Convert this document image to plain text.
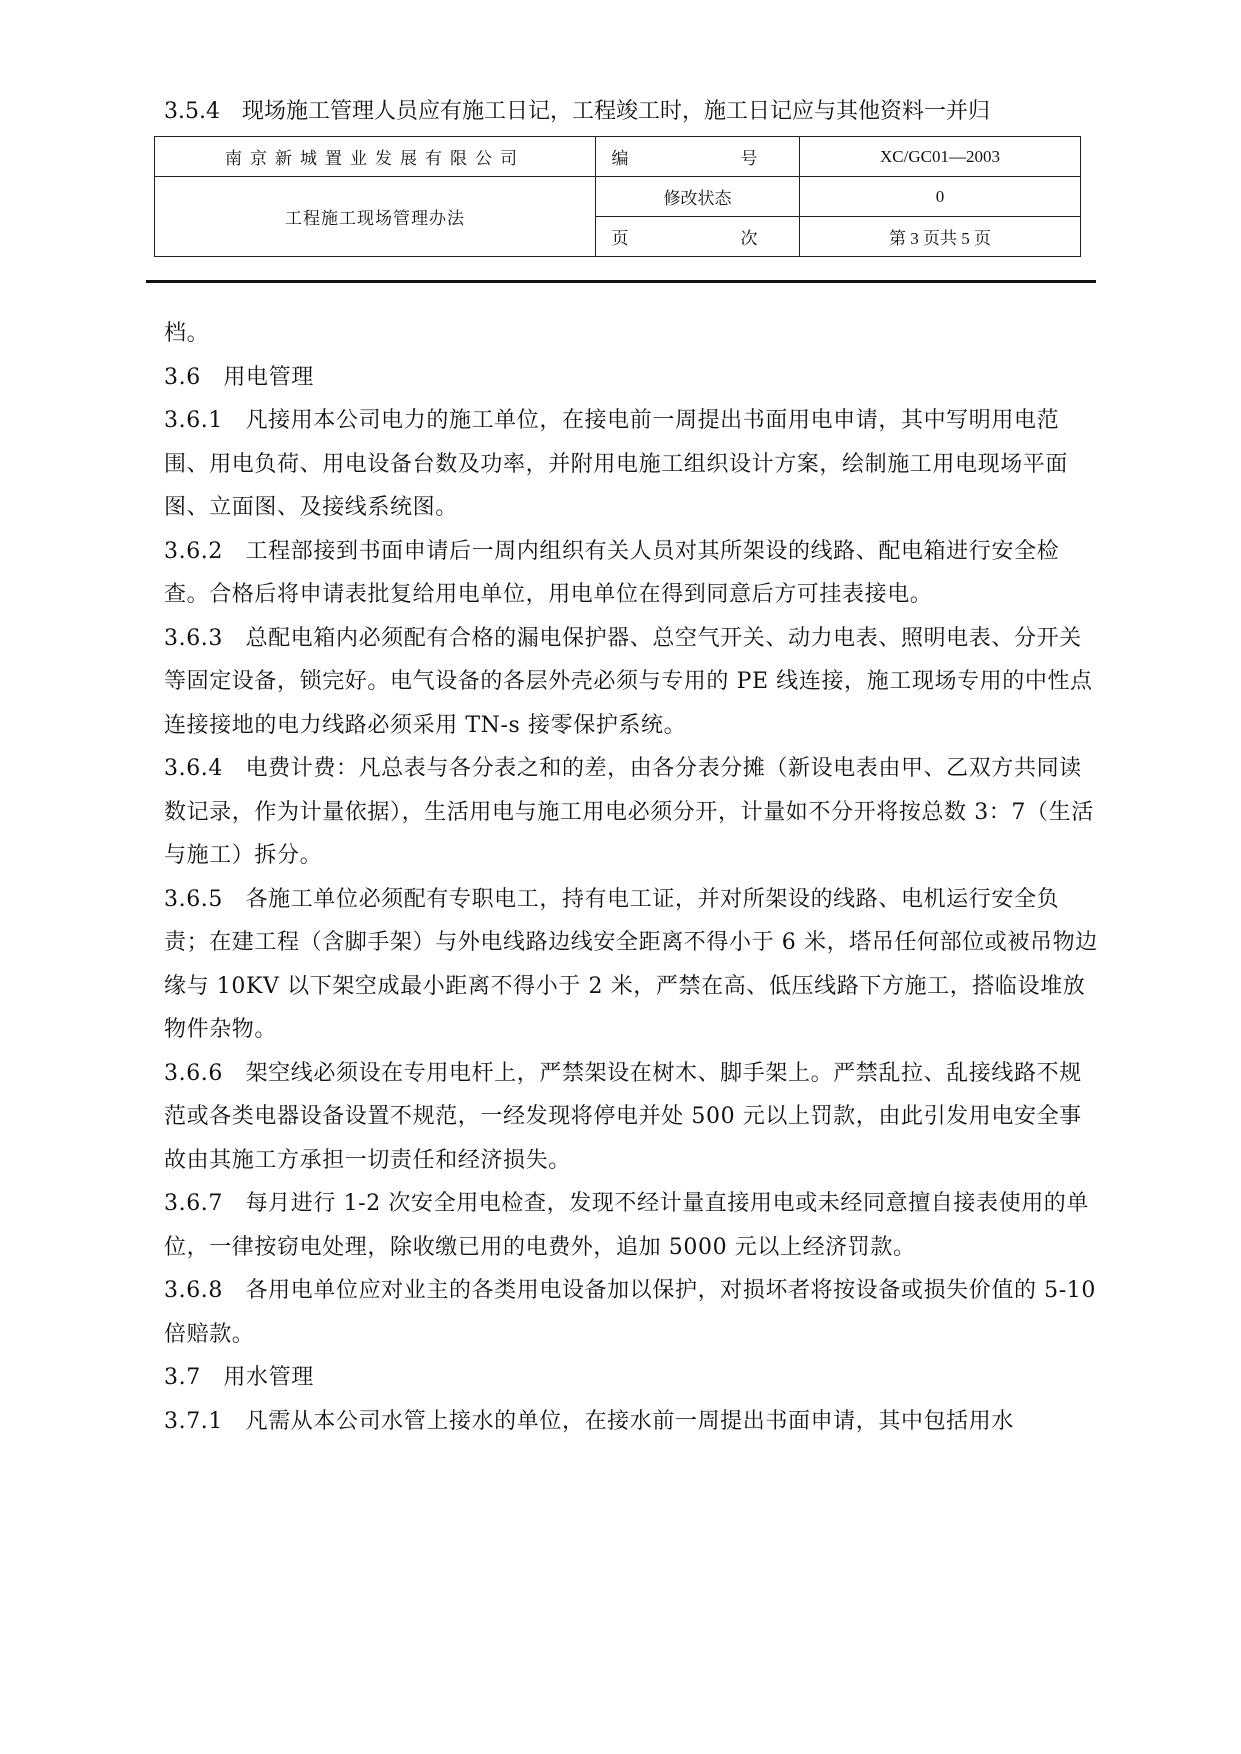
3.5.4　现场施工管理人员应有施工日记，工程竣工时，施工日记应与其他资料一并归
南京新城置业发展有限公司	编　　号	XC/GC01—2003
工程施工现场管理办法	修改状态	0
	页　　次	第 3 页共 5 页

档。

3.6　用电管理

3.6.1　凡接用本公司电力的施工单位，在接电前一周提出书面用电申请，其中写明用电范围、用电负荷、用电设备台数及功率，并附用电施工组织设计方案，绘制施工用电现场平面图、立面图、及接线系统图。

3.6.2　工程部接到书面申请后一周内组织有关人员对其所架设的线路、配电箱进行安全检查。合格后将申请表批复给用电单位，用电单位在得到同意后方可挂表接电。

3.6.3　总配电箱内必须配有合格的漏电保护器、总空气开关、动力电表、照明电表、分开关等固定设备，锁完好。电气设备的各层外壳必须与专用的 PE 线连接，施工现场专用的中性点连接接地的电力线路必须采用 TN-s 接零保护系统。

3.6.4　电费计费：凡总表与各分表之和的差，由各分表分摊（新设电表由甲、乙双方共同读数记录，作为计量依据），生活用电与施工用电必须分开，计量如不分开将按总数 3：7（生活与施工）拆分。

3.6.5　各施工单位必须配有专职电工，持有电工证，并对所架设的线路、电机运行安全负责；在建工程（含脚手架）与外电线路边线安全距离不得小于 6 米，塔吊任何部位或被吊物边缘与 10KV 以下架空成最小距离不得小于 2 米，严禁在高、低压线路下方施工，搭临设堆放物件杂物。

3.6.6　架空线必须设在专用电杆上，严禁架设在树木、脚手架上。严禁乱拉、乱接线路不规范或各类电器设备设置不规范，一经发现将停电并处 500 元以上罚款，由此引发用电安全事故由其施工方承担一切责任和经济损失。

3.6.7　每月进行 1-2 次安全用电检查，发现不经计量直接用电或未经同意擅自接表使用的单位，一律按窃电处理，除收缴已用的电费外，追加 5000 元以上经济罚款。

3.6.8　各用电单位应对业主的各类用电设备加以保护，对损坏者将按设备或损失价值的 5-10 倍赔款。

3.7　用水管理

3.7.1　凡需从本公司水管上接水的单位，在接水前一周提出书面申请，其中包括用水
